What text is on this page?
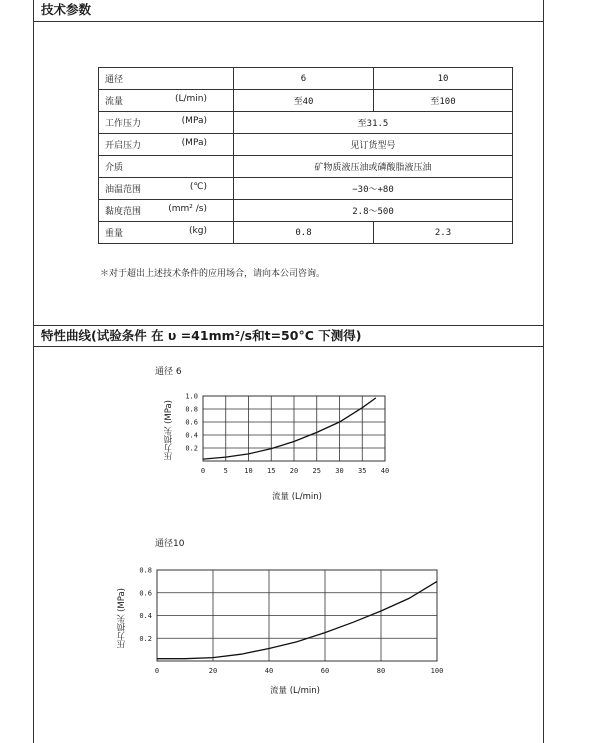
技术参数
通径	6	10
流量 (L/min)	至40	至100
工作压力 (MPa)	至31.5	
开启压力 (MPa)	见订货型号	
介质	矿物质液压油或磷酸脂液压油	
油温范围 (℃)	−30〜+80	
黏度范围 (mm² /s)	2.8〜500	
重量 (kg)	0.8	2.3
＊对于超出上述技术条件的应用场合，请向本公司咨询。
特性曲线(试验条件 在 υ =41mm²/s和t=50°C 下测得)
通径 6
压力损失 (MPa)
0	5 10 15 20 25 30 35 40
0.2
0.4
0.6
0.8
1.0
流量 (L/min)
通径10
压力损失 (MPa)
0	20	40	60	80	100
0.2
0.4
0.6
0.8
流量 (L/min)
